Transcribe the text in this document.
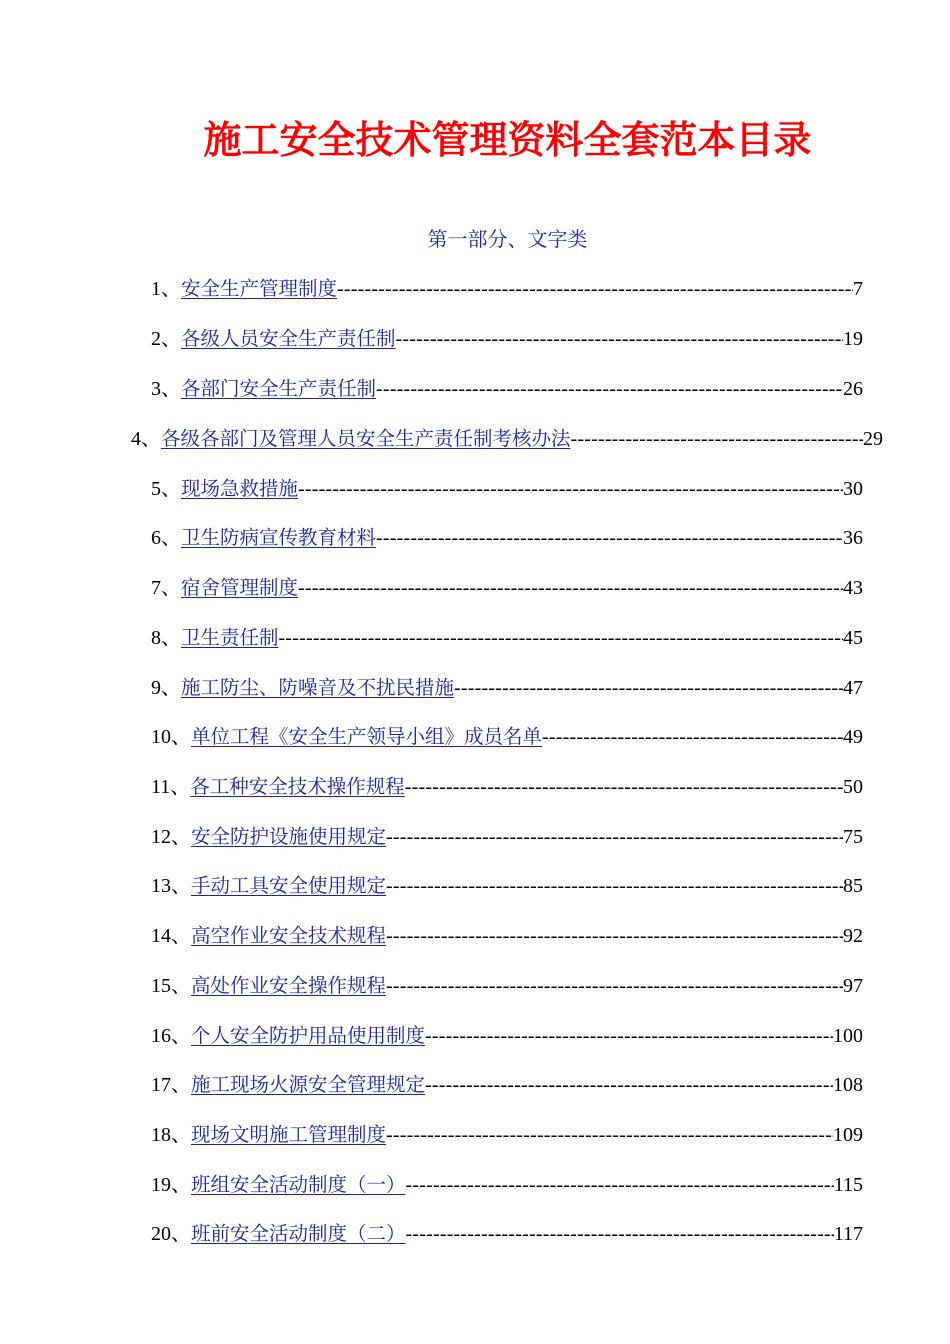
施工安全技术管理资料全套范本目录
第一部分、文字类
1、 安全生产管理制度 -----	7
2、 各级人员安全生产责任制 -----	19
3、 各部门安全生产责任制 -----	26
4、 各级各部门及管理人员安全生产责任制考核办法 -----	29
5、 现场急救措施 -----	30
6、 卫生防病宣传教育材料 -----	36
7、 宿舍管理制度 -----	43
8、 卫生责任制 -----	45
9、 施工防尘、防噪音及不扰民措施 -----	47
10、 单位工程《安全生产领导小组》成员名单 -----	49
11、 各工种安全技术操作规程 -----	50
12、 安全防护设施使用规定 -----	75
13、 手动工具安全使用规定 -----	85
14、 高空作业安全技术规程 -----	92
15、 高处作业安全操作规程 -----	97
16、 个人安全防护用品使用制度 -----	100
17、 施工现场火源安全管理规定 -----	108
18、 现场文明施工管理制度 -----	109
19、 班组安全活动制度（一） -----	115
20、 班前安全活动制度（二） -----	117
